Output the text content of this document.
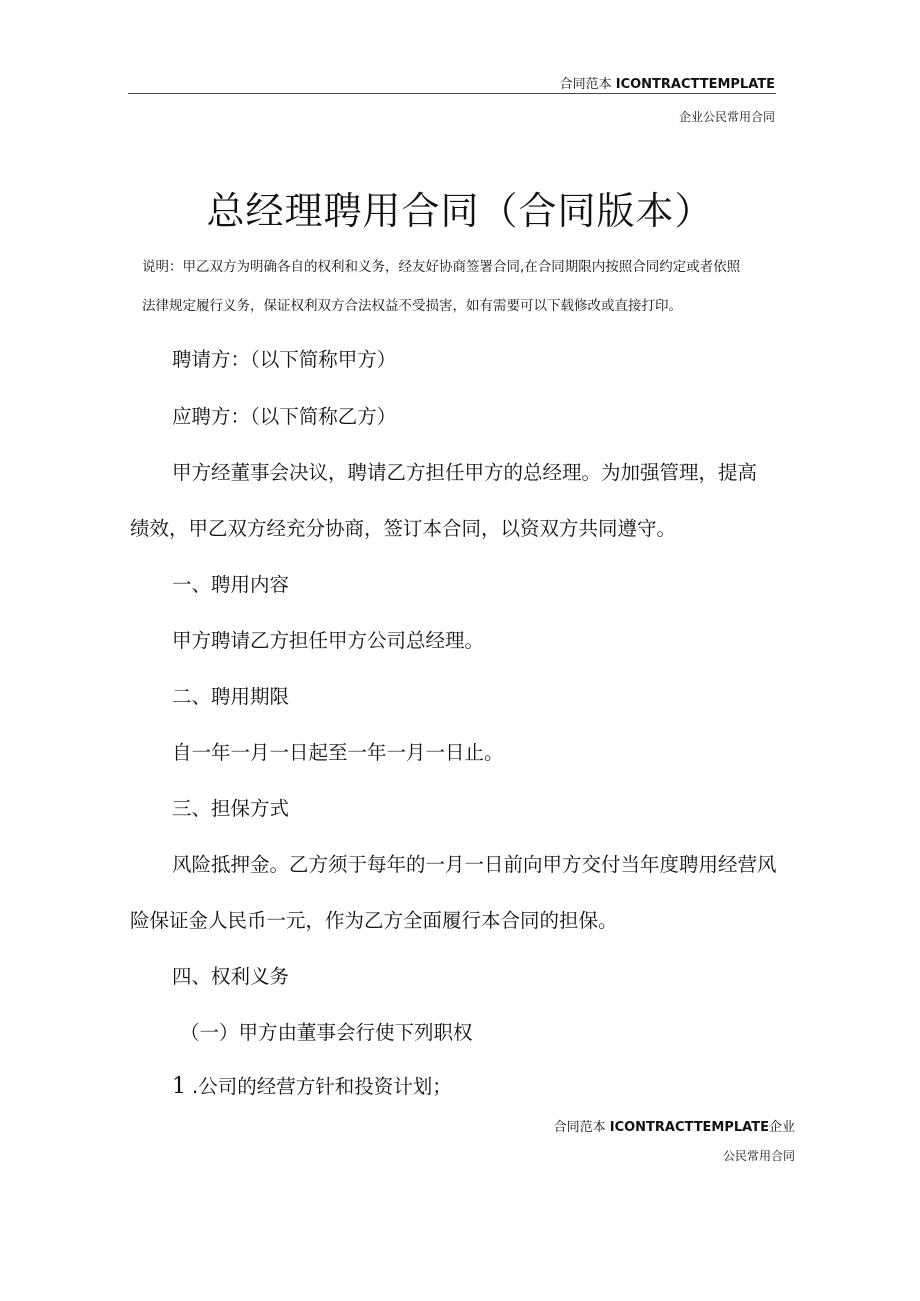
合同范本 ICONTRACTTEMPLATE
企业公民常用合同
总经理聘用合同（合同版本）
说明：甲乙双方为明确各自的权利和义务，经友好协商签署合同,在合同期限内按照合同约定或者依照
法律规定履行义务，保证权利双方合法权益不受损害，如有需要可以下载修改或直接打印。
聘请方：（以下简称甲方）
应聘方：（以下简称乙方）
甲方经董事会决议，聘请乙方担任甲方的总经理。为加强管理，提高
绩效，甲乙双方经充分协商，签订本合同，以资双方共同遵守。
一、聘用内容
甲方聘请乙方担任甲方公司总经理。
二、聘用期限
自一年一月一日起至一年一月一日止。
三、担保方式
风险抵押金。乙方须于每年的一月一日前向甲方交付当年度聘用经营风
险保证金人民币一元，作为乙方全面履行本合同的担保。
四、权利义务
（一）甲方由董事会行使下列职权
1 .公司的经营方针和投资计划；
合同范本 ICONTRACTTEMPLATE企业
公民常用合同
